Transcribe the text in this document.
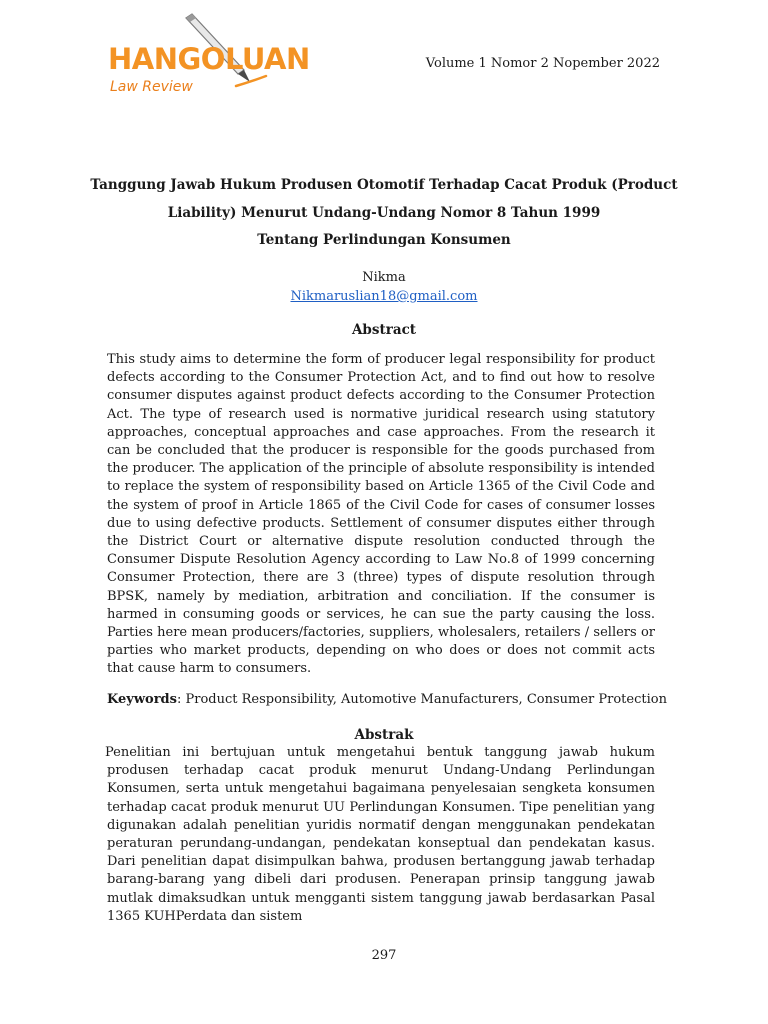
HANGOLUAN
Law Review
Volume 1 Nomor 2 Nopember 2022
Tanggung Jawab Hukum Produsen Otomotif Terhadap Cacat Produk (Product
Liability) Menurut Undang-Undang Nomor 8 Tahun 1999
Tentang Perlindungan Konsumen
Nikma
Nikmaruslian18@gmail.com
Abstract
This study aims to determine the form of producer legal responsibility for product defects according to the Consumer Protection Act, and to find out how to resolve consumer disputes against product defects according to the Consumer Protection Act. The type of research used is normative juridical research using statutory approaches, conceptual approaches and case approaches. From the research it can be concluded that the producer is responsible for the goods purchased from the producer. The application of the principle of absolute responsibility is intended to replace the system of responsibility based on Article 1365 of the Civil Code and the system of proof in Article 1865 of the Civil Code for cases of consumer losses due to using defective products. Settlement of consumer disputes either through the District Court or alternative dispute resolution conducted through the Consumer Dispute Resolution Agency according to Law No.8 of 1999 concerning Consumer Protection, there are 3 (three) types of dispute resolution through BPSK, namely by mediation, arbitration and conciliation. If the consumer is harmed in consuming goods or services, he can sue the party causing the loss. Parties here mean producers/factories, suppliers, wholesalers, retailers / sellers or parties who market products, depending on who does or does not commit acts that cause harm to consumers.
Keywords: Product Responsibility, Automotive Manufacturers, Consumer Protection
Abstrak
Penelitian ini bertujuan untuk mengetahui bentuk tanggung jawab hukum produsen terhadap cacat produk menurut Undang-Undang Perlindungan Konsumen, serta untuk mengetahui bagaimana penyelesaian sengketa konsumen terhadap cacat produk menurut UU Perlindungan Konsumen. Tipe penelitian yang digunakan adalah penelitian yuridis normatif dengan menggunakan pendekatan peraturan perundang-undangan, pendekatan konseptual dan pendekatan kasus. Dari penelitian dapat disimpulkan bahwa, produsen bertanggung jawab terhadap barang-barang yang dibeli dari produsen. Penerapan prinsip tanggung jawab mutlak dimaksudkan untuk mengganti sistem tanggung jawab berdasarkan Pasal 1365 KUHPerdata dan sistem
297
